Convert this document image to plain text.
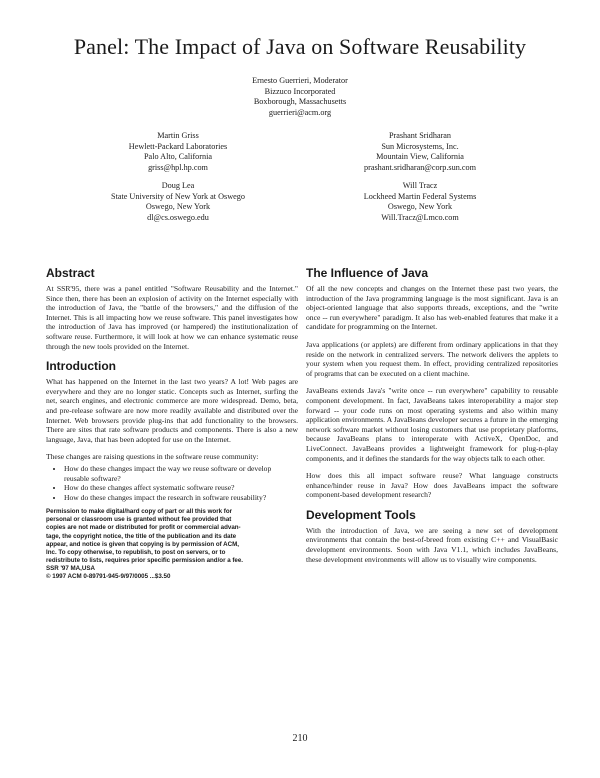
Panel: The Impact of Java on Software Reusability
Ernesto Guerrieri, Moderator
Bizzuco Incorporated
Boxborough, Massachusetts
guerrieri@acm.org
Martin Griss
Hewlett-Packard Laboratories
Palo Alto, California
griss@hpl.hp.com
Prashant Sridharan
Sun Microsystems, Inc.
Mountain View, California
prashant.sridharan@corp.sun.com
Doug Lea
State University of New York at Oswego
Oswego, New York
dl@cs.oswego.edu
Will Tracz
Lockheed Martin Federal Systems
Oswego, New York
Will.Tracz@Lmco.com
Abstract

At SSR'95, there was a panel entitled "Software Reusability and the Internet." Since then, there has been an explosion of activity on the Internet especially with the introduction of Java, the "battle of the browsers," and the diffusion of the Internet. This is all impacting how we reuse software. This panel investigates how the introduction of Java has improved (or hampered) the institutionalization of software reuse. Furthermore, it will look at how we can enhance systematic reuse through the new tools provided on the Internet.

Introduction

What has happened on the Internet in the last two years? A lot! Web pages are everywhere and they are no longer static. Concepts such as Internet, surfing the net, search engines, and electronic commerce are more widespread. Demo, beta, and pre-release software are now more readily available and distributed over the Internet. Web browsers provide plug-ins that add functionality to the browsers. There are sites that rate software products and components. There is also a new language, Java, that has been adopted for use on the Internet.

These changes are raising questions in the software reuse community:

• How do these changes impact the way we reuse software or develop reusable software?
• How do these changes affect systematic software reuse?
• How do these changes impact the research in software reusability?
Permission to make digital/hard copy of part or all this work for
personal or classroom use is granted without fee provided that
copies are not made or distributed for profit or commercial advan-
tage, the copyright notice, the title of the publication and its date
appear, and notice is given that copying is by permission of ACM,
Inc. To copy otherwise, to republish, to post on servers, or to
redistribute to lists, requires prior specific permission and/or a fee.
SSR '97 MA,USA
© 1997 ACM 0-89791-945-9/97/0005 ...$3.50
The Influence of Java

Of all the new concepts and changes on the Internet these past two years, the introduction of the Java programming language is the most significant. Java is an object-oriented language that also supports threads, exceptions, and the "write once -- run everywhere" paradigm. It also has web-enabled features that make it a candidate for programming on the Internet.

Java applications (or applets) are different from ordinary applications in that they reside on the network in centralized servers. The network delivers the applets to your system when you request them. In effect, providing centralized repositories of programs that can be executed on a client machine.

JavaBeans extends Java's "write once -- run everywhere" capability to reusable component development. In fact, JavaBeans takes interoperability a major step forward -- your code runs on most operating systems and also within many application environments. A JavaBeans developer secures a future in the emerging network software market without losing customers that use proprietary platforms, because JavaBeans plans to interoperate with ActiveX, OpenDoc, and LiveConnect. JavaBeans provides a lightweight framework for plug-n-play components, and it defines the standards for the way objects talk to each other.

How does this all impact software reuse? What language constructs enhance/hinder reuse in Java? How does JavaBeans impact the software component-based development research?

Development Tools

With the introduction of Java, we are seeing a new set of development environments that contain the best-of-breed from existing C++ and VisualBasic development environments. Soon with Java V1.1, which includes JavaBeans, these development environments will allow us to visually wire components.

210
